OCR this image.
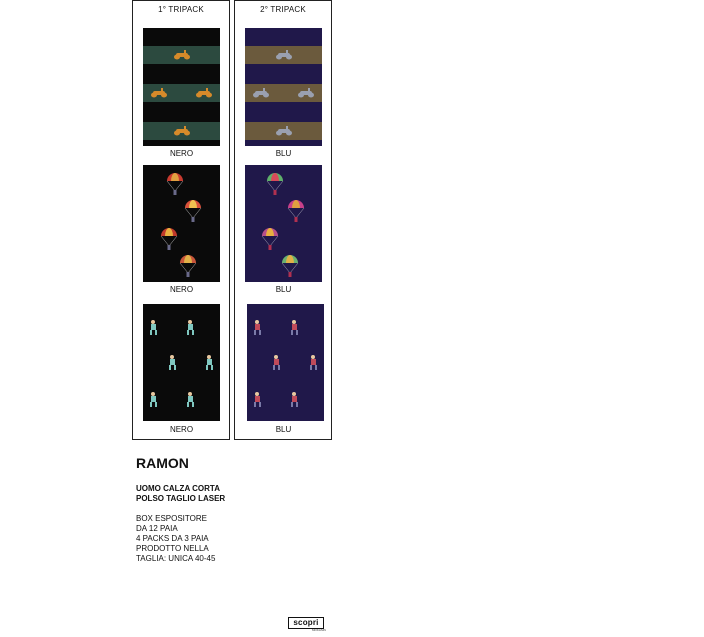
1° TRIPACK
NERO
NERO
NERO
2° TRIPACK
BLU
BLU
BLU
RAMON
UOMO CALZA CORTA
POLSO TAGLIO LASER
BOX ESPOSITORE
DA 12 PAIA
4 PACKS DA 3 PAIA
PRODOTTO NELLA
TAGLIA: UNICA 40-45
scopri
MOKASIN
